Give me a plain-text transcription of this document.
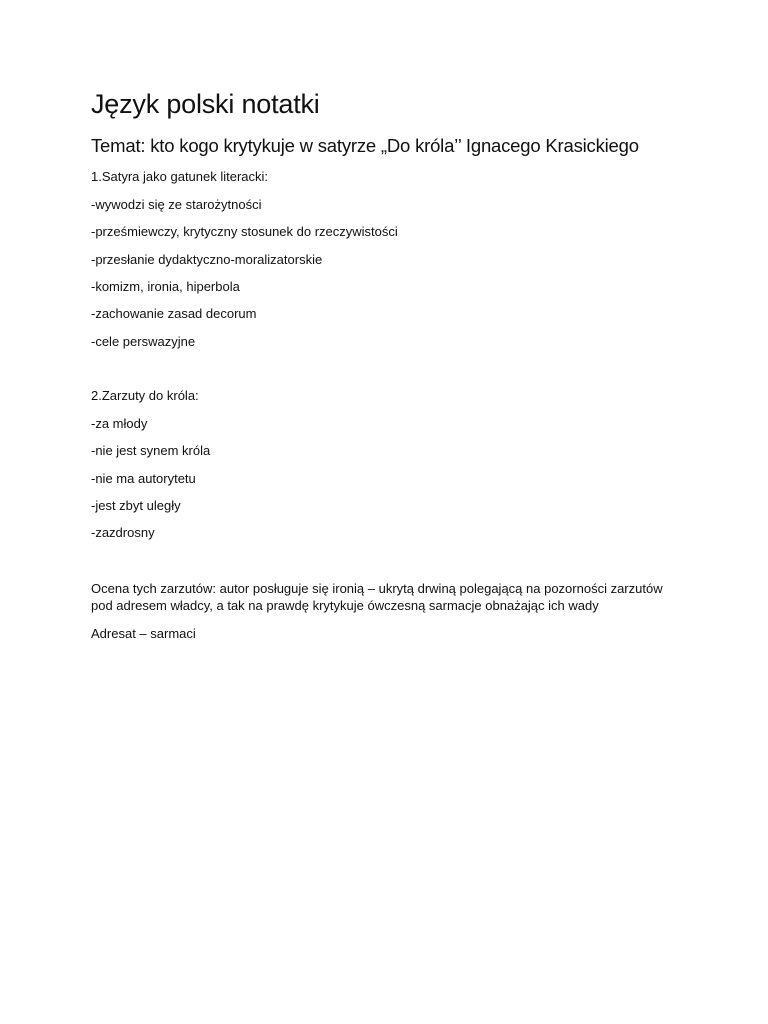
Język polski notatki
Temat: kto kogo krytykuje w satyrze „Do króla’’ Ignacego Krasickiego

1.Satyra jako gatunek literacki:

-wywodzi się ze starożytności

-prześmiewczy, krytyczny stosunek do rzeczywistości

-przesłanie dydaktyczno-moralizatorskie

-komizm, ironia, hiperbola

-zachowanie zasad decorum

-cele perswazyjne

2.Zarzuty do króla:

-za młody

-nie jest synem króla

-nie ma autorytetu

-jest zbyt uległy

-zazdrosny

Ocena tych zarzutów: autor posługuje się ironią – ukrytą drwiną polegającą na pozorności zarzutów pod adresem władcy, a tak na prawdę krytykuje ówczesną sarmacje obnażając ich wady

Adresat – sarmaci
